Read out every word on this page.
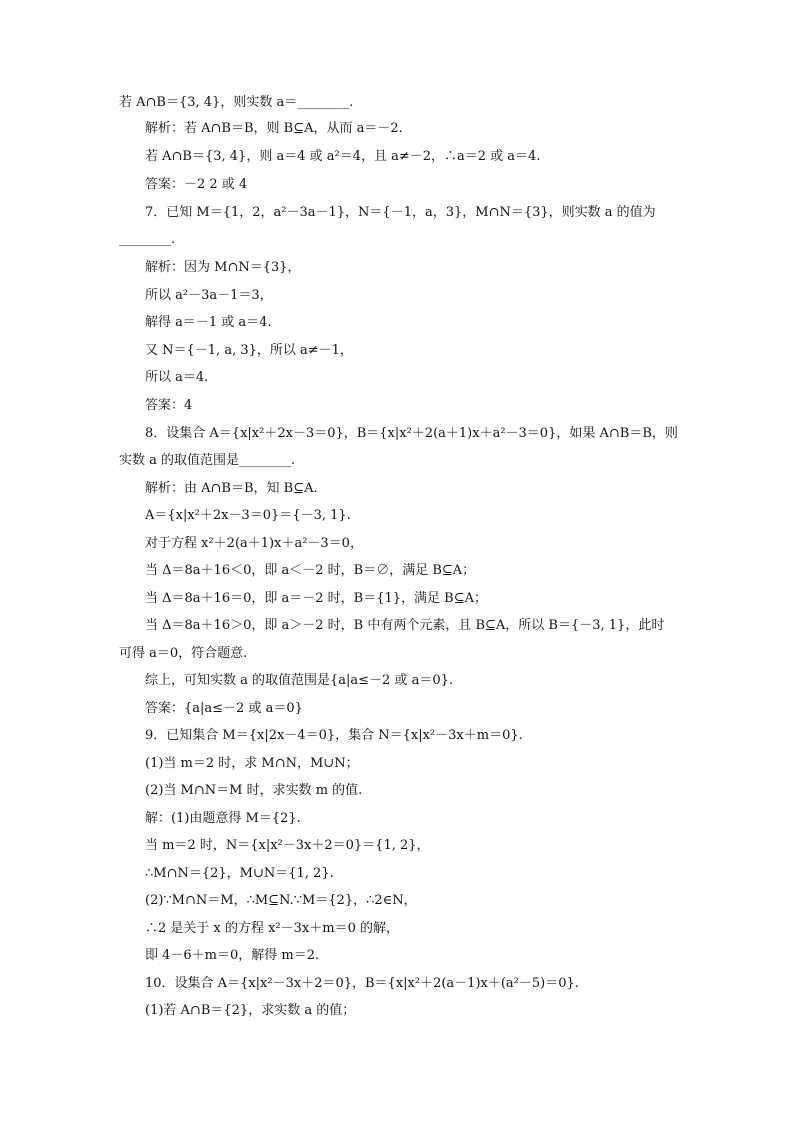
若 A∩B＝{3, 4}，则实数 a＝________.
解析：若 A∩B＝B，则 B⊆A，从而 a＝－2.
若 A∩B＝{3, 4}，则 a＝4 或 a²＝4，且 a≠－2，∴a＝2 或 a＝4.
答案：－2 2 或 4
7．已知 M＝{1，2，a²－3a－1}，N＝{－1，a，3}，M∩N＝{3}，则实数 a 的值为
________.
解析：因为 M∩N＝{3}，
所以 a²－3a－1＝3，
解得 a＝－1 或 a＝4.
又 N＝{－1, a, 3}，所以 a≠－1，
所以 a＝4.
答案：4
8．设集合 A＝{x|x²＋2x－3＝0}，B＝{x|x²＋2(a＋1)x＋a²－3＝0}，如果 A∩B＝B，则
实数 a 的取值范围是________.
解析：由 A∩B＝B，知 B⊆A.
A＝{x|x²＋2x－3＝0}＝{－3, 1}.
对于方程 x²＋2(a＋1)x＋a²－3＝0，
当 Δ＝8a＋16＜0，即 a＜－2 时，B＝∅，满足 B⊆A；
当 Δ＝8a＋16＝0，即 a＝－2 时，B＝{1}，满足 B⊆A；
当 Δ＝8a＋16＞0，即 a＞－2 时，B 中有两个元素，且 B⊆A，所以 B＝{－3, 1}，此时
可得 a＝0，符合题意.
综上，可知实数 a 的取值范围是{a|a≤－2 或 a＝0}.
答案：{a|a≤－2 或 a＝0}
9．已知集合 M＝{x|2x－4＝0}，集合 N＝{x|x²－3x＋m＝0}.
(1)当 m＝2 时，求 M∩N，M∪N；
(2)当 M∩N＝M 时，求实数 m 的值.
解：(1)由题意得 M＝{2}.
当 m＝2 时，N＝{x|x²－3x＋2＝0}＝{1, 2}，
∴M∩N＝{2}，M∪N＝{1, 2}.
(2)∵M∩N＝M，∴M⊆N.∵M＝{2}，∴2∈N，
∴2 是关于 x 的方程 x²－3x＋m＝0 的解，
即 4－6＋m＝0，解得 m＝2.
10．设集合 A＝{x|x²－3x＋2＝0}，B＝{x|x²＋2(a－1)x＋(a²－5)＝0}.
(1)若 A∩B＝{2}，求实数 a 的值；
